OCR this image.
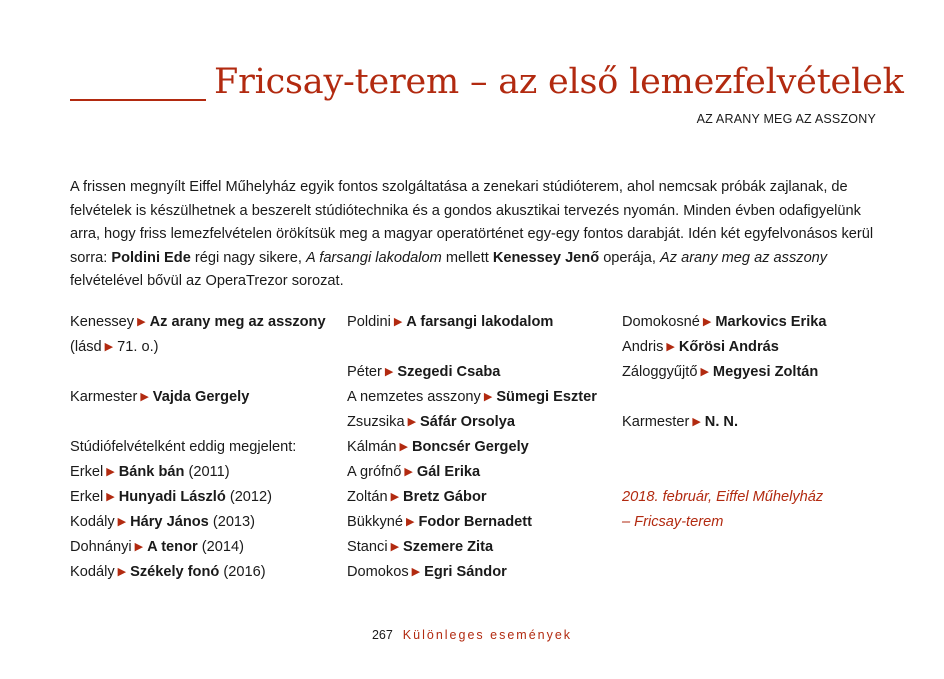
Fricsay-terem – az első lemezfelvételek
AZ ARANY MEG AZ ASSZONY
A frissen megnyílt Eiffel Műhelyház egyik fontos szolgáltatása a zenekari stúdióterem, ahol nemcsak próbák zajlanak, de felvételek is készülhetnek a beszerelt stúdiótechnika és a gondos akusztikai tervezés nyomán. Minden évben odafigyelünk arra, hogy friss lemezfelvételen örökítsük meg a magyar operatörténet egy-egy fontos darabját. Idén két egyfelvonásos kerül sorra: Poldini Ede régi nagy sikere, A farsangi lakodalom mellett Kenessey Jenő operája, Az arany meg az asszony felvételével bővül az OperaTrezor sorozat.
Kenessey ▶ Az arany meg az asszony
(lásd ▶ 71. o.)
Karmester ▶ Vajda Gergely
Stúdiófelvételként eddig megjelent:
Erkel ▶ Bánk bán (2011)
Erkel ▶ Hunyadi László (2012)
Kodály ▶ Háry János (2013)
Dohnányi ▶ A tenor (2014)
Kodály ▶ Székely fonó (2016)
Poldini ▶ A farsangi lakodalom
Péter ▶ Szegedi Csaba
A nemzetes asszony ▶ Sümegi Eszter
Zsuzsika ▶ Sáfár Orsolya
Kálmán ▶ Boncsér Gergely
A grófnő ▶ Gál Erika
Zoltán ▶ Bretz Gábor
Bükkyné ▶ Fodor Bernadett
Stanci ▶ Szemere Zita
Domokos ▶ Egri Sándor
Domokosné ▶ Markovics Erika
Andris ▶ Kőrösi András
Záloggyűjtő ▶ Megyesi Zoltán
Karmester ▶ N. N.
2018. február, Eiffel Műhelyház
– Fricsay-terem
267 Különleges események
